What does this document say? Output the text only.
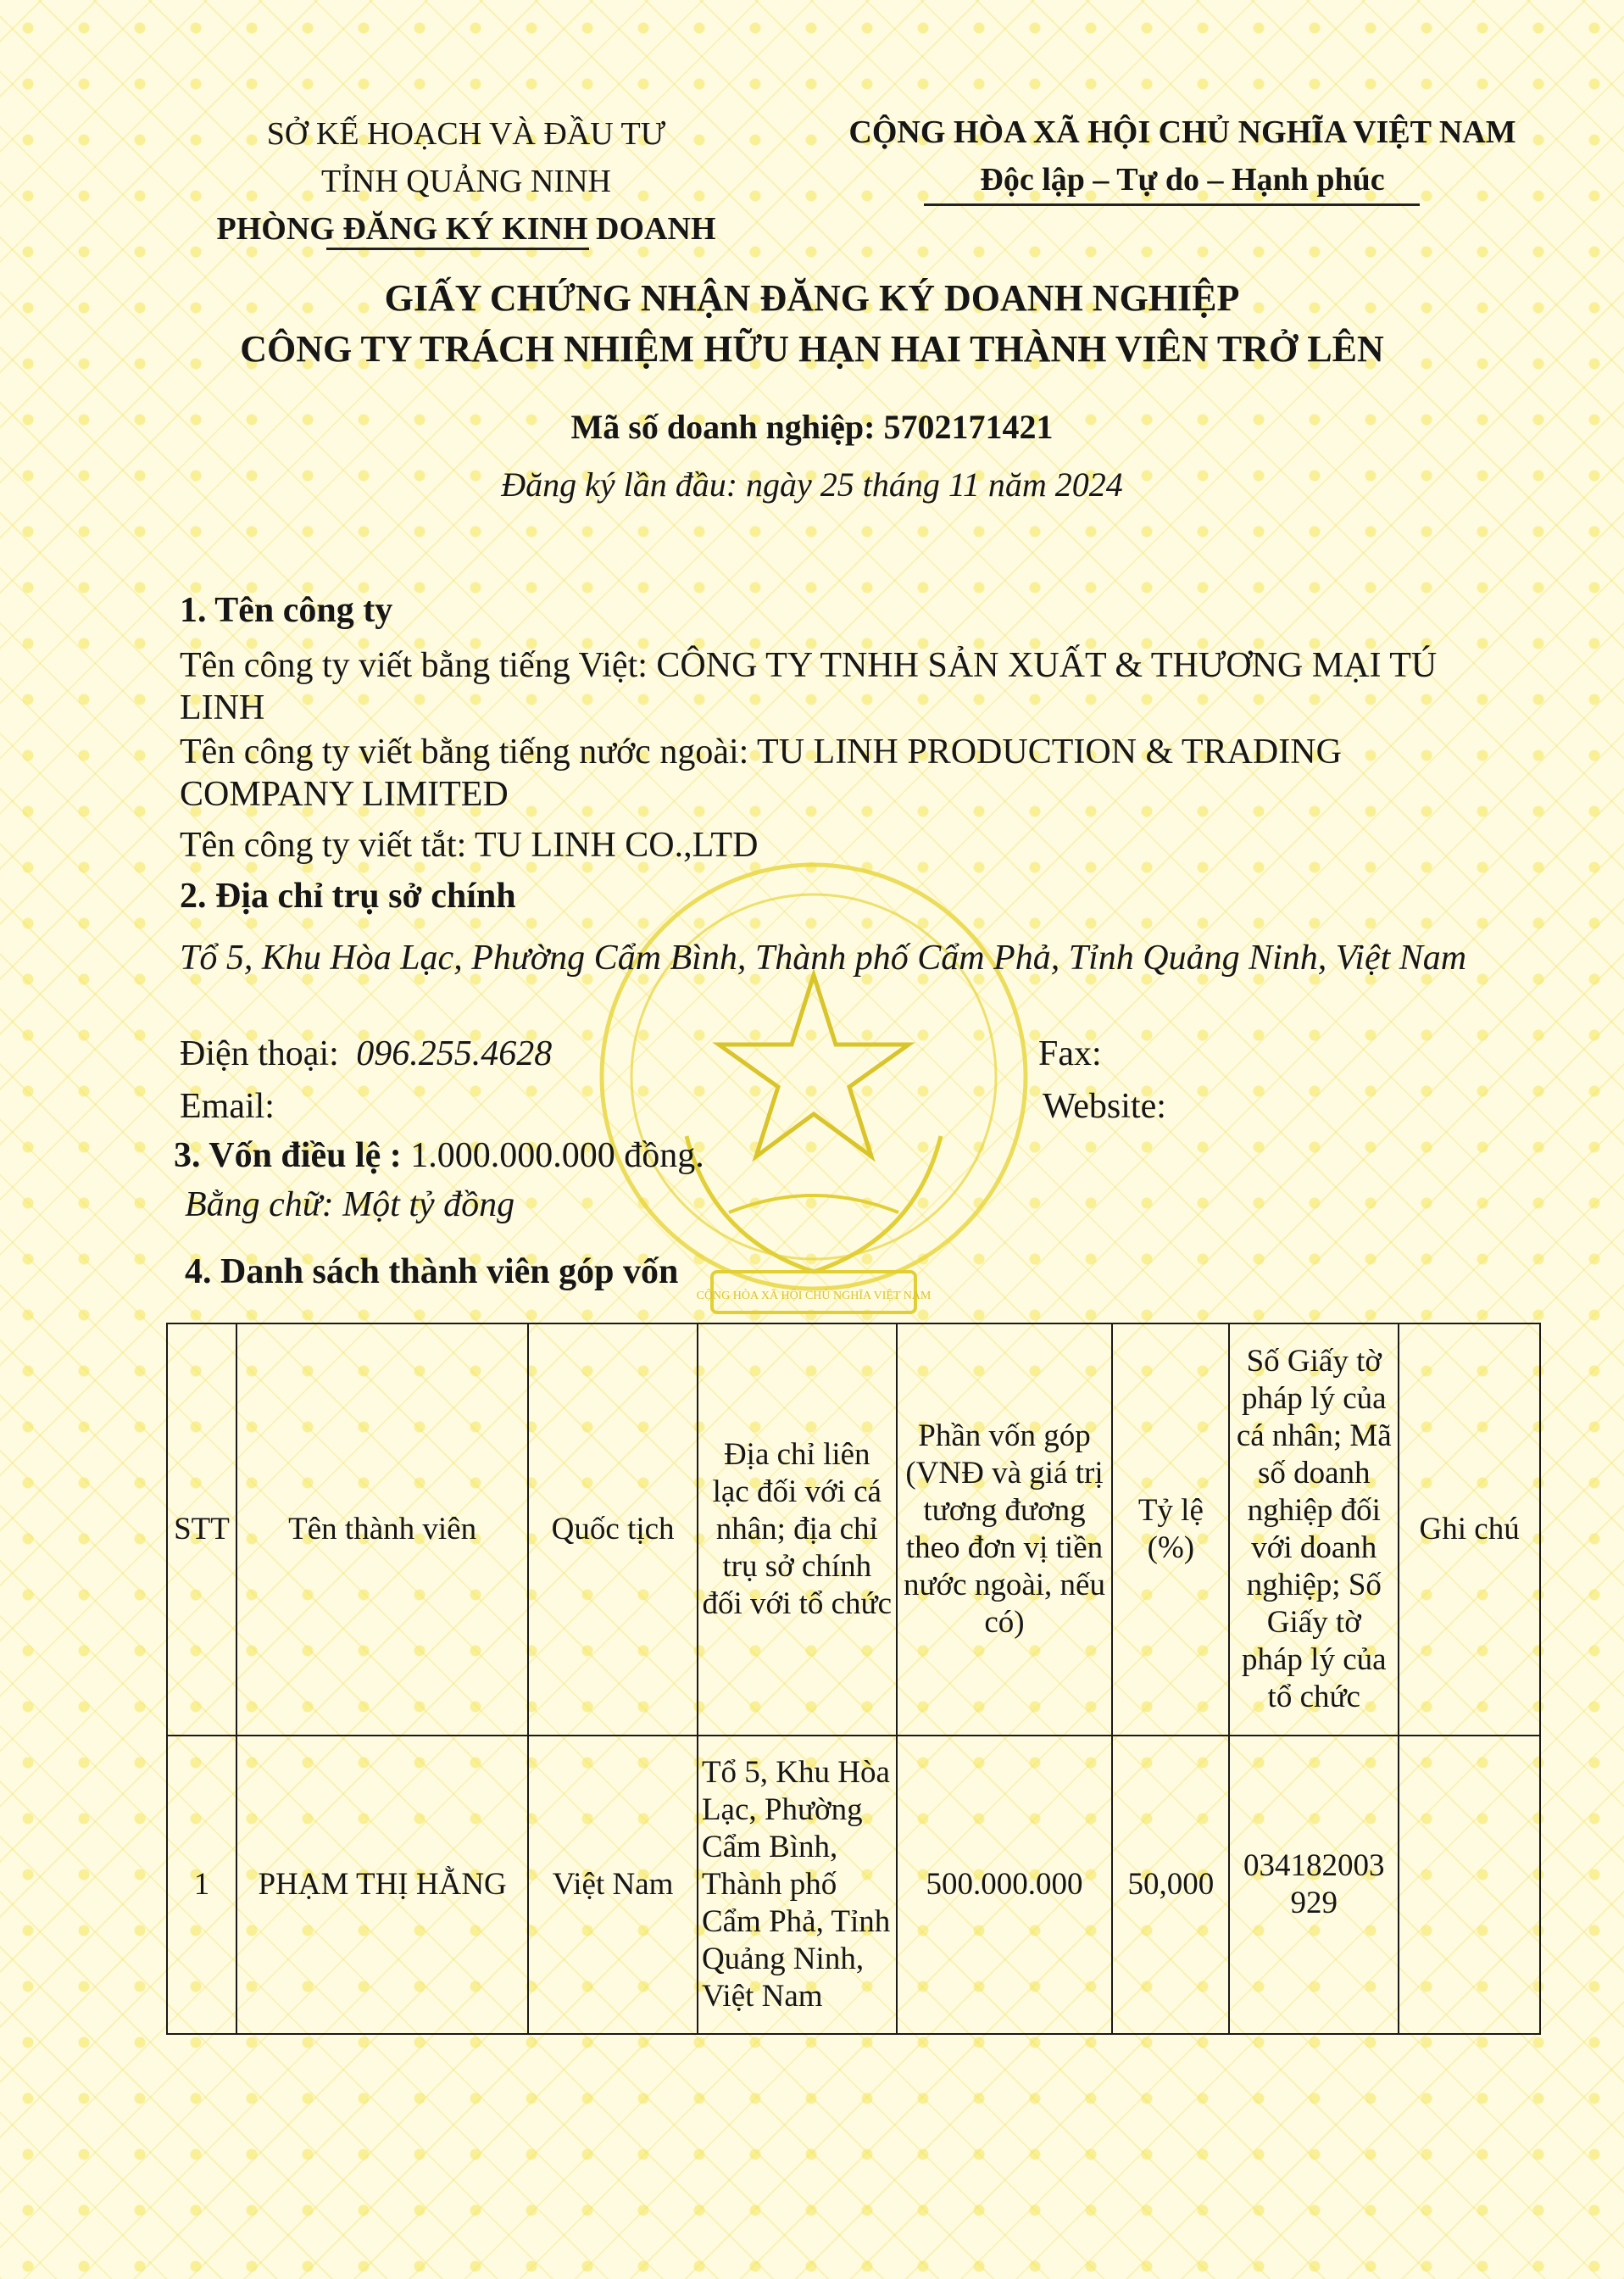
CỘNG HÒA XÃ HỘI CHỦ NGHĨA VIỆT NAM
SỞ KẾ HOẠCH VÀ ĐẦU TƯ
TỈNH QUẢNG NINH
PHÒNG ĐĂNG KÝ KINH DOANH
CỘNG HÒA XÃ HỘI CHỦ NGHĨA VIỆT NAM
Độc lập – Tự do – Hạnh phúc
GIẤY CHỨNG NHẬN ĐĂNG KÝ DOANH NGHIỆP
CÔNG TY TRÁCH NHIỆM HỮU HẠN HAI THÀNH VIÊN TRỞ LÊN
Mã số doanh nghiệp: 5702171421
Đăng ký lần đầu: ngày 25 tháng 11 năm 2024
1. Tên công ty
Tên công ty viết bằng tiếng Việt: CÔNG TY TNHH SẢN XUẤT & THƯƠNG MẠI TÚ LINH
Tên công ty viết bằng tiếng nước ngoài: TU LINH PRODUCTION & TRADING COMPANY LIMITED
Tên công ty viết tắt: TU LINH CO.,LTD
2. Địa chỉ trụ sở chính
Tổ 5, Khu Hòa Lạc, Phường Cẩm Bình, Thành phố Cẩm Phả, Tỉnh Quảng Ninh, Việt Nam
Điện thoại: 096.255.4628	Fax:
Email:	Website:
3. Vốn điều lệ : 1.000.000.000 đồng.
Bằng chữ: Một tỷ đồng
4. Danh sách thành viên góp vốn
STT	Tên thành viên	Quốc tịch	Địa chỉ liên lạc đối với cá nhân; địa chỉ trụ sở chính đối với tổ chức	Phần vốn góp (VNĐ và giá trị tương đương theo đơn vị tiền nước ngoài, nếu có)	Tỷ lệ (%)	Số Giấy tờ pháp lý của cá nhân; Mã số doanh nghiệp đối với doanh nghiệp; Số Giấy tờ pháp lý của tổ chức	Ghi chú
1	PHẠM THỊ HẰNG	Việt Nam	Tổ 5, Khu Hòa Lạc, Phường Cẩm Bình, Thành phố Cẩm Phả, Tỉnh Quảng Ninh, Việt Nam	500.000.000	50,000	034182003 929	
